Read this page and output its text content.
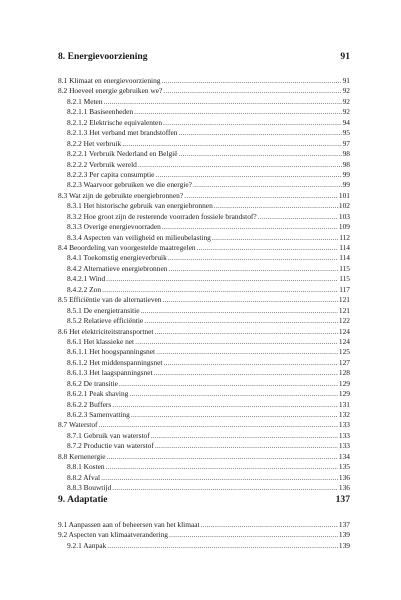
8. Energievoorziening	91
8.1 Klimaat en energievoorziening .....	91
8.2 Hoeveel energie gebruiken we? .....	92
8.2.1 Meten .....	92
8.2.1.1 Basiseenheden .....	92
8.2.1.2 Elektrische equivalenten .....	94
8.2.1.3 Het verband met brandstoffen .....	95
8.2.2 Het verbruik .....	97
8.2.2.1 Verbruik Nederland en België .....	98
8.2.2.2 Verbruik wereld .....	98
8.2.2.3 Per capita consumptie .....	99
8.2.3 Waarvoor gebruiken we die energie? .....	99
8.3 Wat zijn de gebruikte energiebronnen? .....	101
8.3.1 Het historische gebruik van energiebronnen .....	102
8.3.2 Hoe groot zijn de resterende voorraden fossiele brandstof? .....	103
8.3.3 Overige energievoorraden .....	109
8.3.4 Aspecten van veiligheid en milieubelasting .....	112
8.4 Beoordeling van voorgestelde maatregelen .....	114
8.4.1 Toekomstig energieverbruik .....	114
8.4.2 Alternatieve energiebronnen .....	115
8.4.2.1 Wind .....	115
8.4.2.2 Zon .....	117
8.5 Efficiëntie van de alternatieven .....	121
8.5.1 De energietransitie .....	121
8.5.2 Relatieve efficiëntie .....	122
8.6 Het elektriciteitstransportnet .....	124
8.6.1 Het klassieke net .....	124
8.6.1.1 Het hoogspanningsnet .....	125
8.6.1.2 Het middenspanningsnet .....	127
8.6.1.3 Het laagspanningsnet .....	128
8.6.2 De transitie .....	129
8.6.2.1 Peak shaving .....	129
8.6.2.2 Buffers .....	131
8.6.2.3 Samenvatting .....	132
8.7 Waterstof .....	133
8.7.1 Gebruik van waterstof .....	133
8.7.2 Productie van waterstof .....	133
8.8 Kernenergie .....	134
8.8.1 Kosten .....	135
8.8.2 Afval .....	136
8.8.3 Bouwtijd .....	136
9. Adaptatie	137
9.1 Aanpassen aan of beheersen van het klimaat .....	137
9.2 Aspecten van klimaatverandering .....	139
9.2.1 Aanpak .....	139
